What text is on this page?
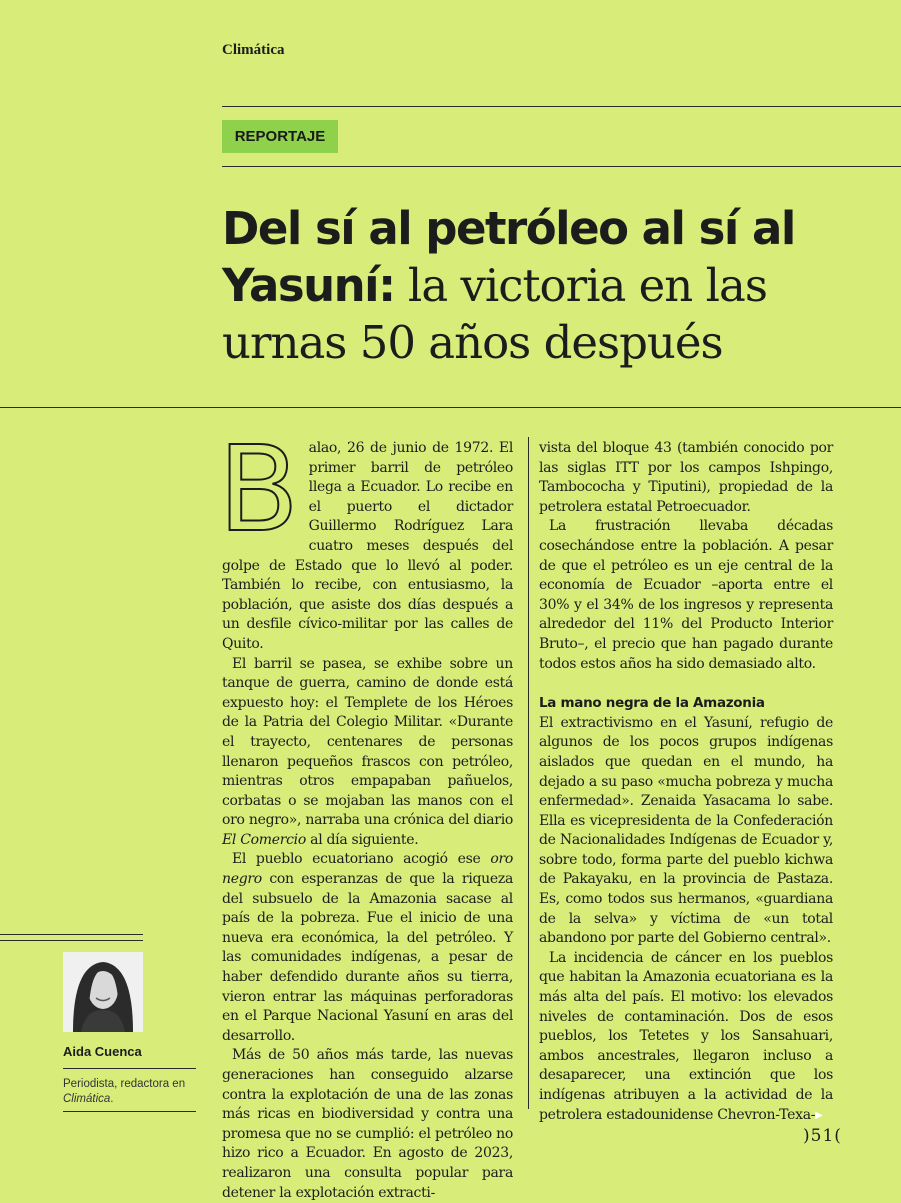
Climática
REPORTAJE
Del sí al petróleo al sí al
Yasuní: la victoria en las
urnas 50 años después
B alao, 26 de junio de 1972. El primer barril de petróleo llega a Ecuador. Lo recibe en el puerto el dictador Guillermo Rodríguez Lara cuatro meses después del golpe de Estado que lo llevó al poder. También lo recibe, con entusiasmo, la población, que asiste dos días después a un desfile cívico-militar por las calles de Quito.

El barril se pasea, se exhibe sobre un tanque de guerra, camino de donde está expuesto hoy: el Templete de los Héroes de la Patria del Colegio Militar. «Durante el trayecto, centenares de personas llenaron pequeños frascos con petróleo, mientras otros empapaban pañuelos, corbatas o se mojaban las manos con el oro negro», narraba una crónica del diario El Comercio al día siguiente.

El pueblo ecuatoriano acogió ese oro negro con esperanzas de que la riqueza del subsuelo de la Amazonia sacase al país de la pobreza. Fue el inicio de una nueva era económica, la del petróleo. Y las comunidades indígenas, a pesar de haber defendido durante años su tierra, vieron entrar las máquinas perforadoras en el Parque Nacional Yasuní en aras del desarrollo.

Más de 50 años más tarde, las nuevas generaciones han conseguido alzarse contra la explotación de una de las zonas más ricas en biodiversidad y contra una promesa que no se cumplió: el petróleo no hizo rico a Ecuador. En agosto de 2023, realizaron una consulta popular para detener la explotación extracti-

vista del bloque 43 (también conocido por las siglas ITT por los campos Ishpingo, Tambococha y Tiputini), propiedad de la petrolera estatal Petroecuador.

La frustración llevaba décadas cosechándose entre la población. A pesar de que el petróleo es un eje central de la economía de Ecuador –aporta entre el 30% y el 34% de los ingresos y representa alrededor del 11% del Producto Interior Bruto–, el precio que han pagado durante todos estos años ha sido demasiado alto.

La mano negra de la Amazonia

El extractivismo en el Yasuní, refugio de algunos de los pocos grupos indígenas aislados que quedan en el mundo, ha dejado a su paso «mucha pobreza y mucha enfermedad». Zenaida Yasacama lo sabe. Ella es vicepresidenta de la Confederación de Nacionalidades Indígenas de Ecuador y, sobre todo, forma parte del pueblo kichwa de Pakayaku, en la provincia de Pastaza. Es, como todos sus hermanos, «guardiana de la selva» y víctima de «un total abandono por parte del Gobierno central».

La incidencia de cáncer en los pueblos que habitan la Amazonia ecuatoriana es la más alta del país. El motivo: los elevados niveles de contaminación. Dos de esos pueblos, los Tetetes y los Sansahuari, ambos ancestrales, llegaron incluso a desaparecer, una extinción que los indígenas atribuyen a la actividad de la petrolera estadounidense Chevron-Texa-▶

Aida Cuenca
Periodista, redactora en Climática.
)51(
